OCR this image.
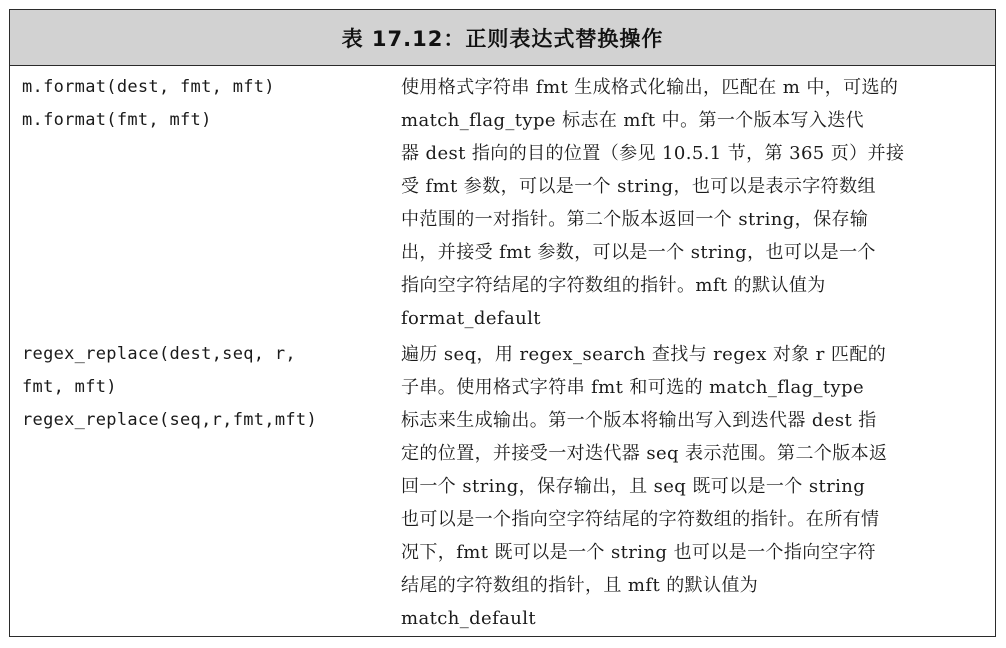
表 17.12：正则表达式替换操作
m.format(dest, fmt, mft)
m.format(fmt, mft)
使用格式字符串 fmt 生成格式化输出，匹配在 m 中，可选的
match_flag_type 标志在 mft 中。第一个版本写入迭代
器 dest 指向的目的位置（参见 10.5.1 节，第 365 页）并接
受 fmt 参数，可以是一个 string，也可以是表示字符数组
中范围的一对指针。第二个版本返回一个 string，保存输
出，并接受 fmt 参数，可以是一个 string，也可以是一个
指向空字符结尾的字符数组的指针。mft 的默认值为
format_default
regex_replace(dest,seq, r,
fmt, mft)
regex_replace(seq,r,fmt,mft)
遍历 seq，用 regex_search 查找与 regex 对象 r 匹配的
子串。使用格式字符串 fmt 和可选的 match_flag_type
标志来生成输出。第一个版本将输出写入到迭代器 dest 指
定的位置，并接受一对迭代器 seq 表示范围。第二个版本返
回一个 string，保存输出，且 seq 既可以是一个 string
也可以是一个指向空字符结尾的字符数组的指针。在所有情
况下，fmt 既可以是一个 string 也可以是一个指向空字符
结尾的字符数组的指针，且 mft 的默认值为
match_default
